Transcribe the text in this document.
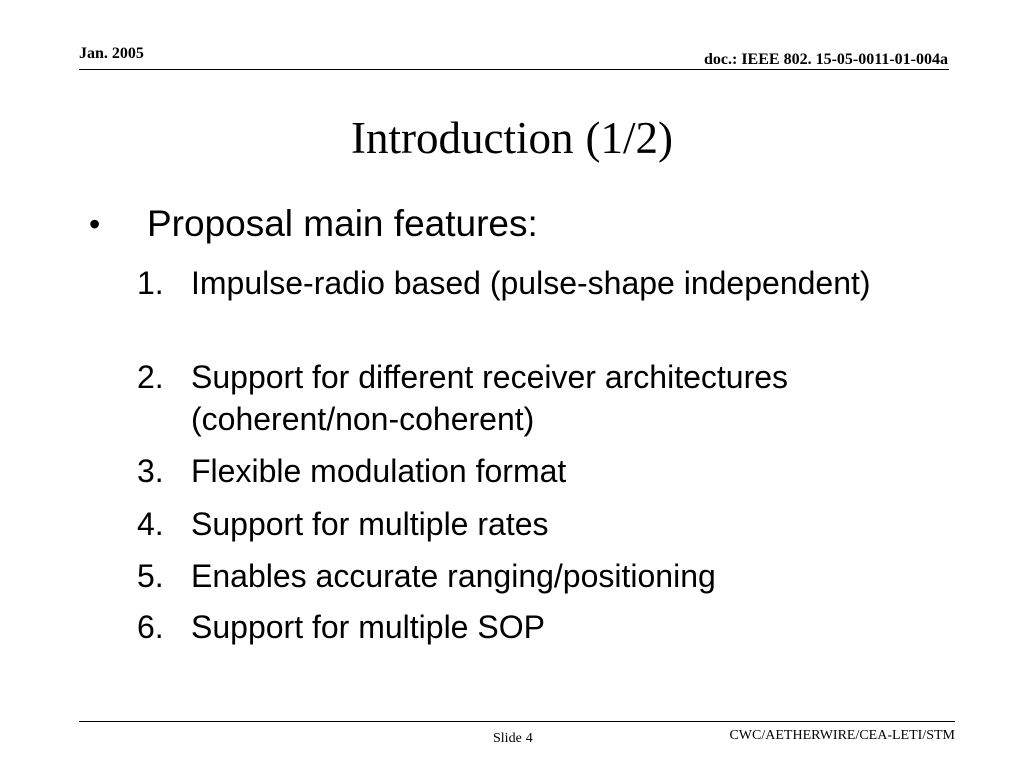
Jan. 2005	doc.: IEEE 802. 15-05-0011-01-004a
Introduction (1/2)
•	Proposal main features:
1. Impulse-radio based (pulse-shape independent)
2. Support for different receiver architectures (coherent/non-coherent)
3. Flexible modulation format
4. Support for multiple rates
5. Enables accurate ranging/positioning
6. Support for multiple SOP
Slide 4	CWC/AETHERWIRE/CEA-LETI/STM
